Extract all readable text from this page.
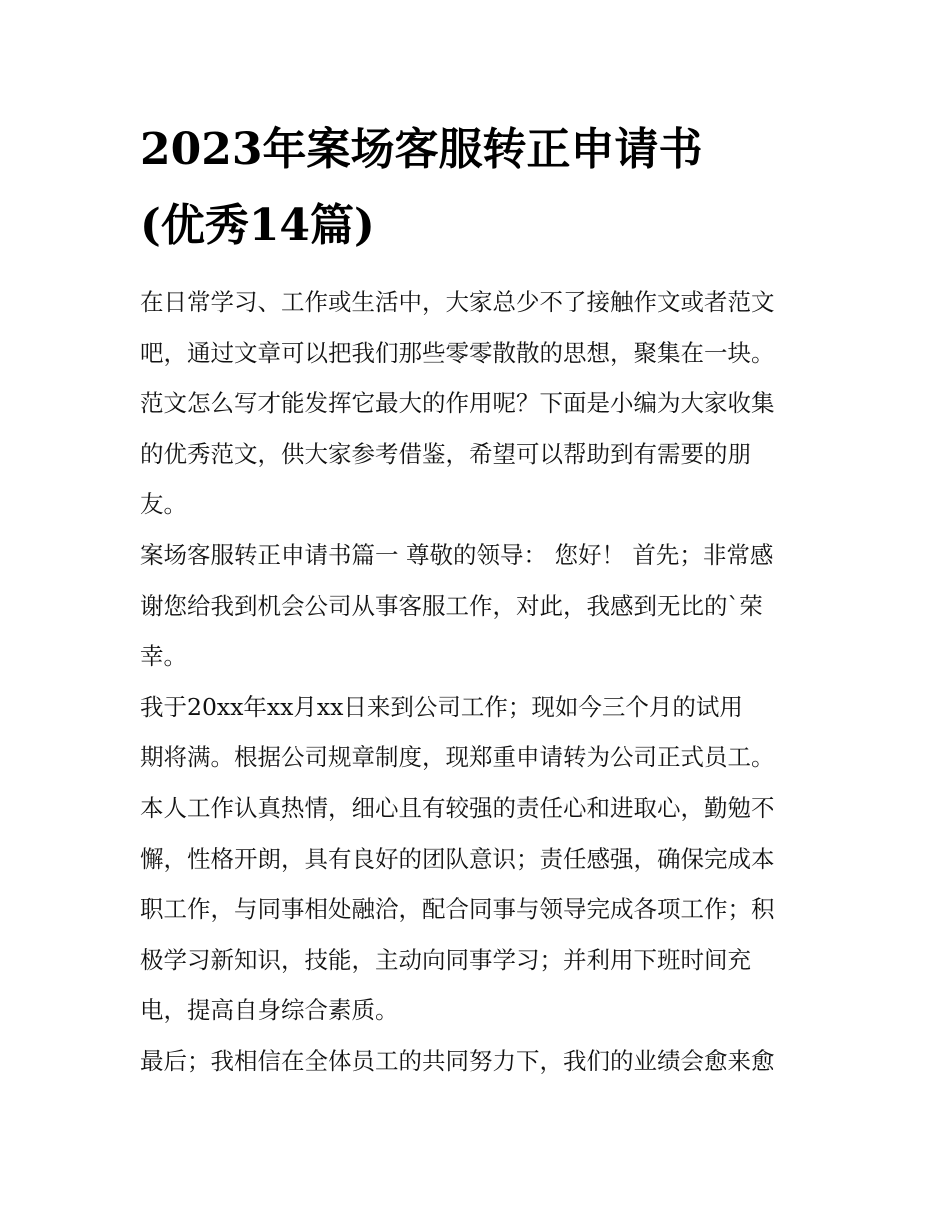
2023年案场客服转正申请书
(优秀14篇)
在日常学习、工作或生活中，大家总少不了接触作文或者范文
吧，通过文章可以把我们那些零零散散的思想，聚集在一块。
范文怎么写才能发挥它最大的作用呢？下面是小编为大家收集
的优秀范文，供大家参考借鉴，希望可以帮助到有需要的朋
友。
案场客服转正申请书篇一 尊敬的领导： 您好！ 首先；非常感
谢您给我到机会公司从事客服工作，对此，我感到无比的`荣
幸。
我于20xx年xx月xx日来到公司工作；现如今三个月的试用
期将满。根据公司规章制度，现郑重申请转为公司正式员工。
本人工作认真热情，细心且有较强的责任心和进取心，勤勉不
懈，性格开朗，具有良好的团队意识；责任感强，确保完成本
职工作，与同事相处融洽，配合同事与领导完成各项工作；积
极学习新知识，技能，主动向同事学习；并利用下班时间充
电，提高自身综合素质。
最后；我相信在全体员工的共同努力下，我们的业绩会愈来愈
